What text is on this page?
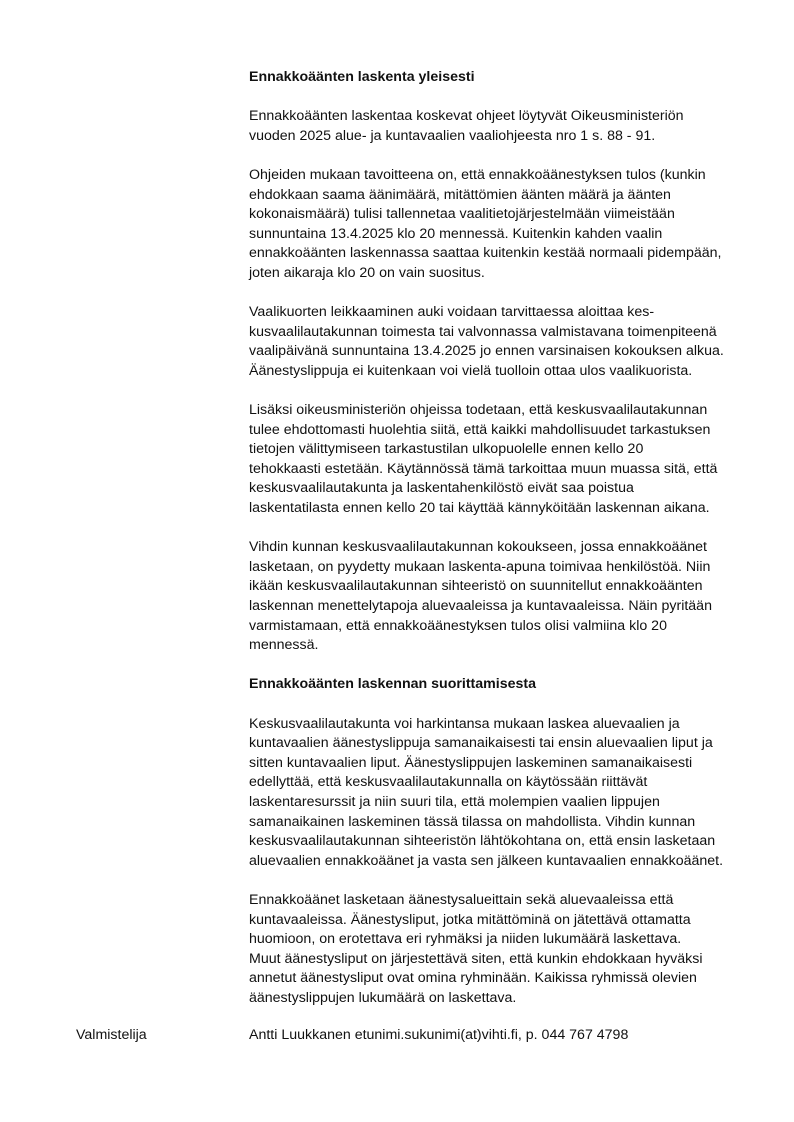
Ennakkoäänten laskenta yleisesti
Ennakkoäänten laskentaa koskevat ohjeet löytyvät Oikeusministeriön
vuoden 2025 alue- ja kuntavaalien vaaliohjeesta nro 1 s. 88 - 91.
Ohjeiden mukaan tavoitteena on, että ennakkoäänestyksen tulos (kunkin
ehdokkaan saama äänimäärä, mitättömien äänten määrä ja äänten
kokonaismäärä) tulisi tallennetaa vaalitietojärjestelmään viimeistään
sunnuntaina 13.4.2025 klo 20 mennessä. Kuitenkin kahden vaalin
ennakkoäänten laskennassa saattaa kuitenkin kestää normaali pidempään,
joten aikaraja klo 20 on vain suositus.
Vaalikuorten leikkaaminen auki voidaan tarvittaessa aloittaa kes-
kusvaalilautakunnan toimesta tai valvonnassa valmistavana toimenpiteenä
vaalipäivänä sunnuntaina 13.4.2025 jo ennen varsinaisen kokouksen alkua.
Äänestyslippuja ei kuitenkaan voi vielä tuolloin ottaa ulos vaalikuorista.
Lisäksi oikeusministeriön ohjeissa todetaan, että keskusvaalilautakunnan
tulee ehdottomasti huolehtia siitä, että kaikki mahdollisuudet tarkastuksen
tietojen välittymiseen tarkastustilan ulkopuolelle ennen kello 20
tehokkaasti estetään. Käytännössä tämä tarkoittaa muun muassa sitä, että
keskusvaalilautakunta ja laskentahenkilöstö eivät saa poistua
laskentatilasta ennen kello 20 tai käyttää kännyköitään laskennan aikana.
Vihdin kunnan keskusvaalilautakunnan kokoukseen, jossa ennakkoäänet
lasketaan, on pyydetty mukaan laskenta-apuna toimivaa henkilöstöä. Niin
ikään keskusvaalilautakunnan sihteeristö on suunnitellut ennakkoäänten
laskennan menettelytapoja aluevaaleissa ja kuntavaaleissa. Näin pyritään
varmistamaan, että ennakkoäänestyksen tulos olisi valmiina klo 20
mennessä.
Ennakkoäänten laskennan suorittamisesta
Keskusvaalilautakunta voi harkintansa mukaan laskea aluevaalien ja
kuntavaalien äänestyslippuja samanaikaisesti tai ensin aluevaalien liput ja
sitten kuntavaalien liput. Äänestyslippujen laskeminen samanaikaisesti
edellyttää, että keskusvaalilautakunnalla on käytössään riittävät
laskentaresurssit ja niin suuri tila, että molempien vaalien lippujen
samanaikainen laskeminen tässä tilassa on mahdollista. Vihdin kunnan
keskusvaalilautakunnan sihteeristön lähtökohtana on, että ensin lasketaan
aluevaalien ennakkoäänet ja vasta sen jälkeen kuntavaalien ennakkoäänet.
Ennakkoäänet lasketaan äänestysalueittain sekä aluevaaleissa että
kuntavaaleissa. Äänestysliput, jotka mitättöminä on jätettävä ottamatta
huomioon, on erotettava eri ryhmäksi ja niiden lukumäärä laskettava.
Muut äänestysliput on järjestettävä siten, että kunkin ehdokkaan hyväksi
annetut äänestysliput ovat omina ryhminään. Kaikissa ryhmissä olevien
äänestyslippujen lukumäärä on laskettava.
Valmistelija	Antti Luukkanen etunimi.sukunimi(at)vihti.fi, p. 044 767 4798
